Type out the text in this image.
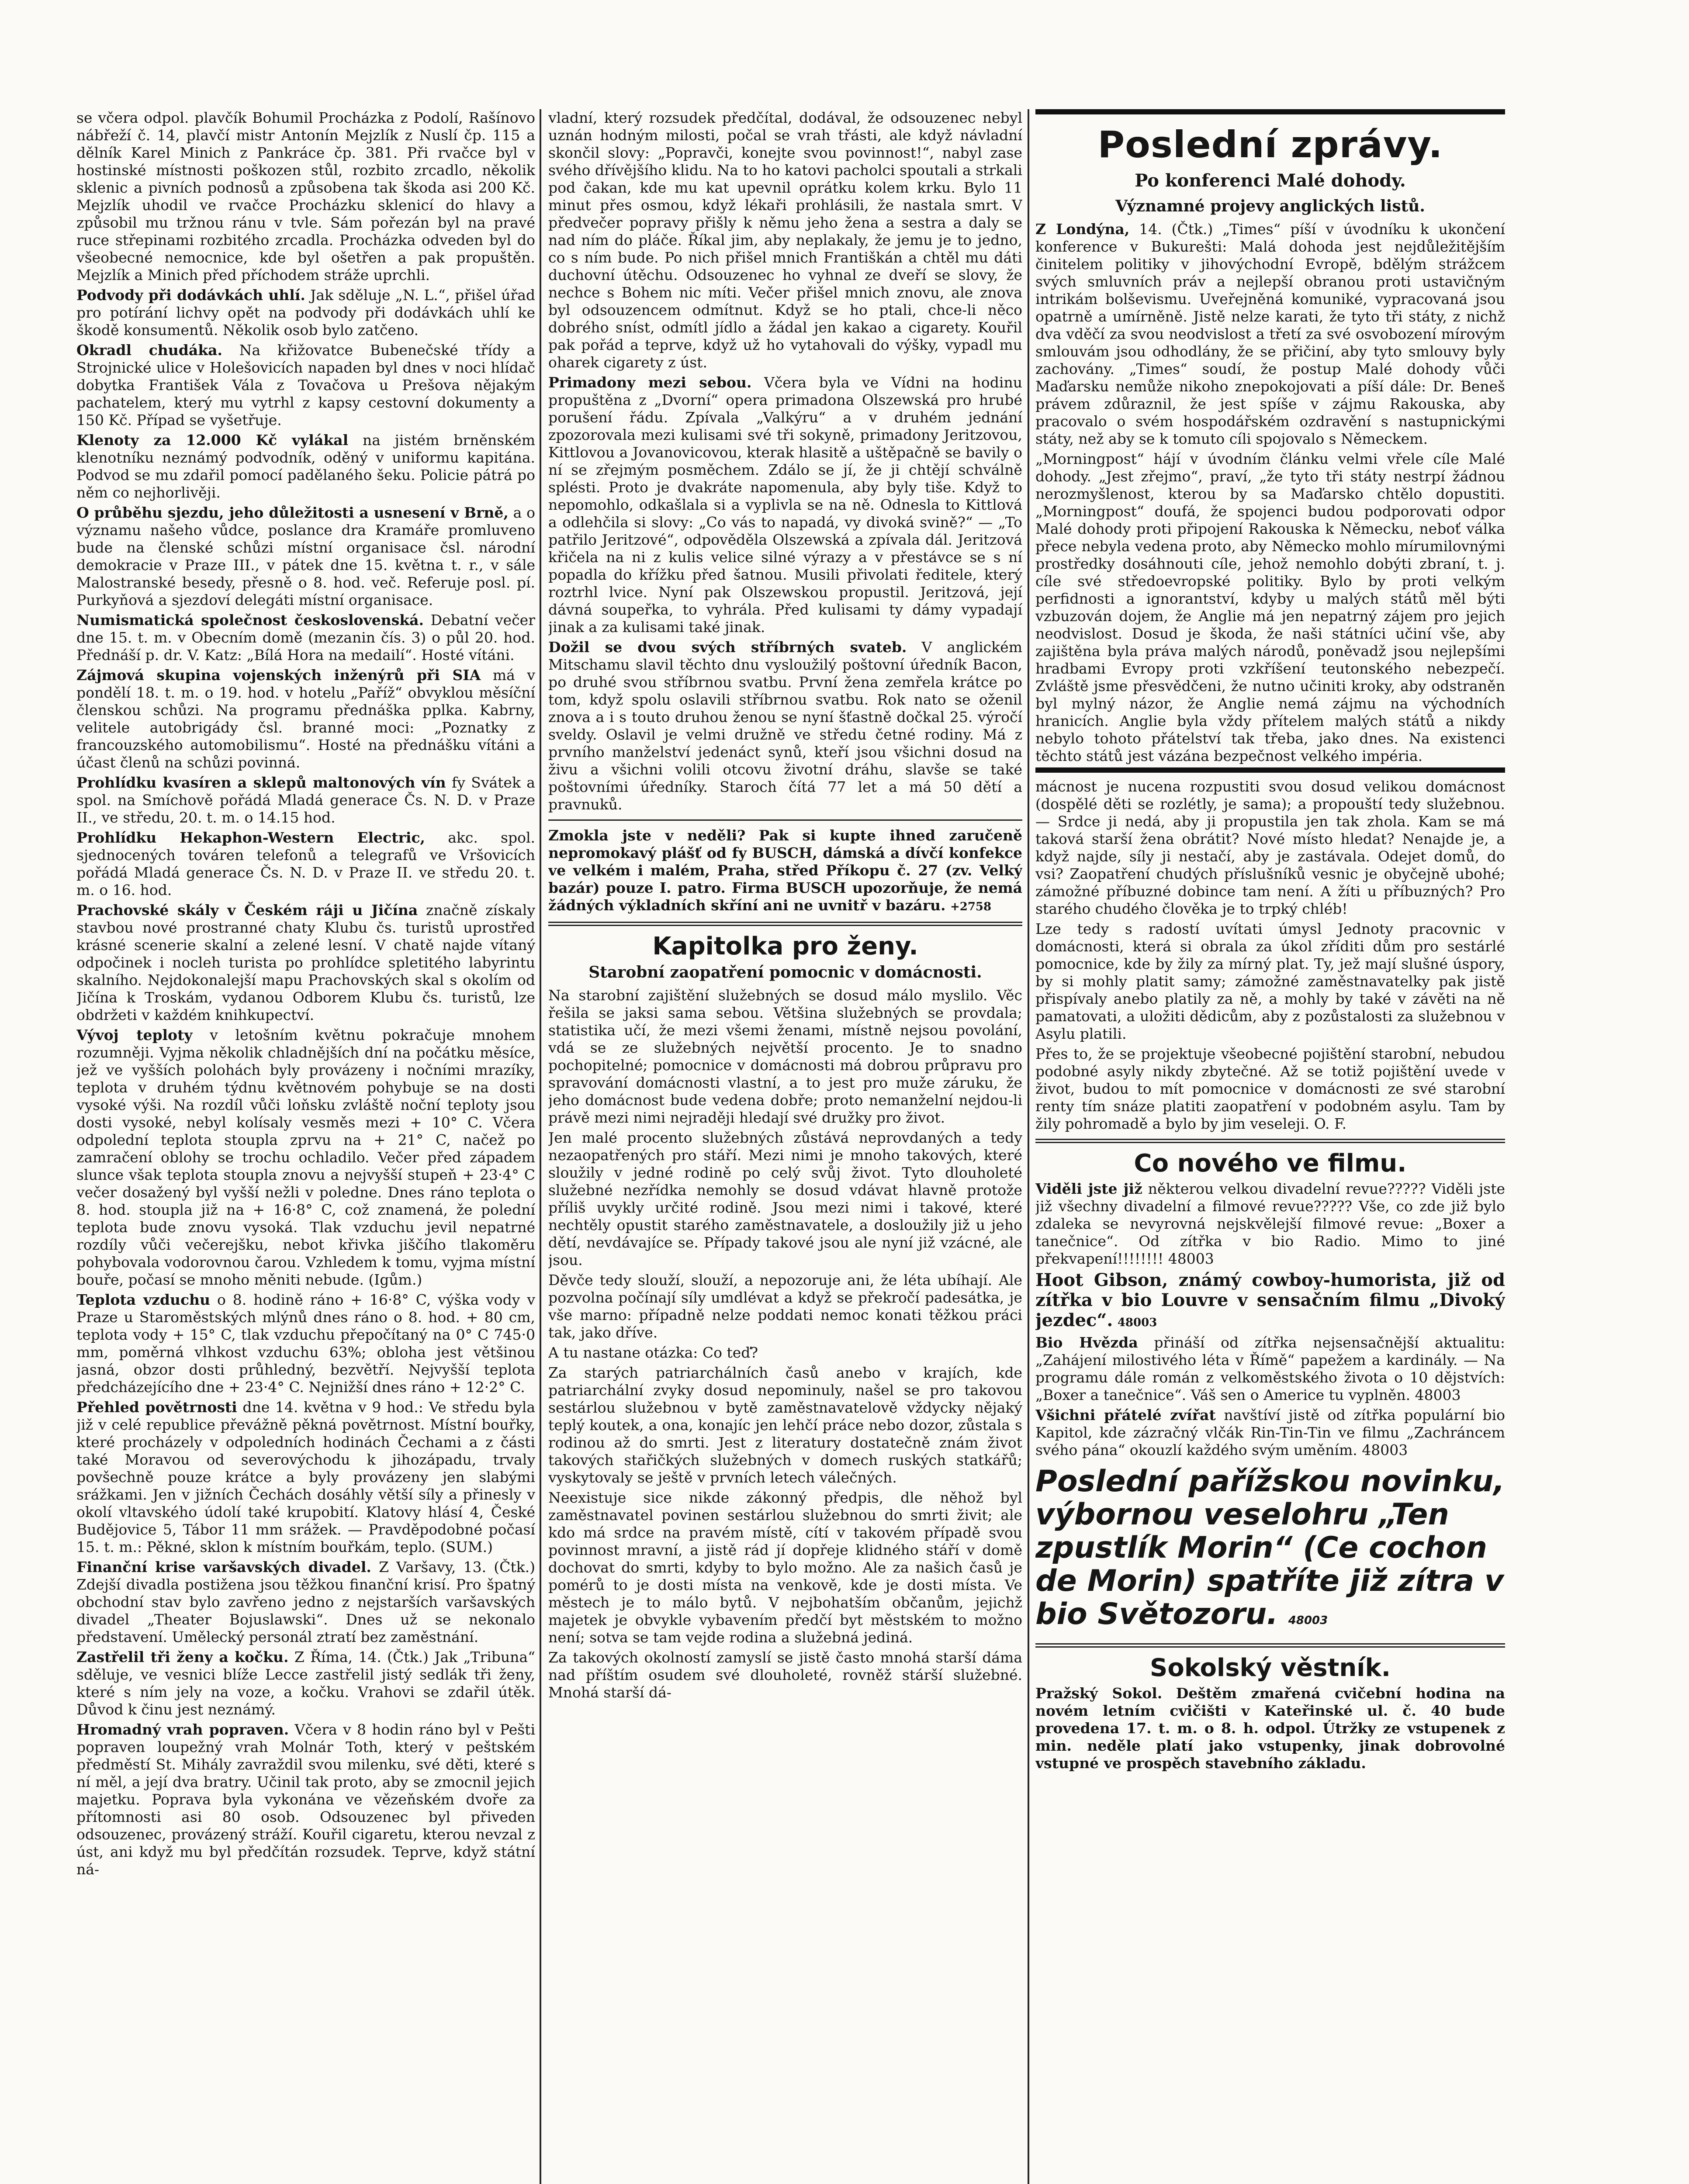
se včera odpol. plavčík Bohumil Procházka z Podolí, Rašínovo nábřeží č. 14, plavčí mistr Antonín Mejzlík z Nuslí čp. 115 a dělník Karel Minich z Pankráce čp. 381. Při rvačce byl v hostinské místnosti poškozen stůl, rozbito zrcadlo, několik sklenic a pivních podnosů a způsobena tak škoda asi 200 Kč. Mejzlík uhodil ve rvačce Procházku sklenicí do hlavy a způsobil mu tržnou ránu v tvle. Sám pořezán byl na pravé ruce střepinami rozbitého zrcadla. Procházka odveden byl do všeobecné nemocnice, kde byl ošetřen a pak propuštěn. Mejzlík a Minich před příchodem stráže uprchli.

Podvody při dodávkách uhlí. Jak sděluje „N. L.“, přišel úřad pro potírání lichvy opět na podvody při dodávkách uhlí ke škodě konsumentů. Několik osob bylo zatčeno.

Okradl chudáka. Na křižovatce Bubenečské třídy a Strojnické ulice v Holešovicích napaden byl dnes v noci hlídač dobytka František Vála z Tovačova u Prešova nějakým pachatelem, který mu vytrhl z kapsy cestovní dokumenty a 150 Kč. Případ se vyšetřuje.

Klenoty za 12.000 Kč vylákal na jistém brněnském klenotníku neznámý podvodník, oděný v uniformu kapitána. Podvod se mu zdařil pomocí padělaného šeku. Policie pátrá po něm co nejhorlivěji.

O průběhu sjezdu, jeho důležitosti a usnesení v Brně, a o významu našeho vůdce, poslance dra Kramáře promluveno bude na členské schůzi místní organisace čsl. národní demokracie v Praze III., v pátek dne 15. května t. r., v sále Malostranské besedy, přesně o 8. hod. več. Referuje posl. pí. Purkyňová a sjezdoví delegáti místní organisace.

Numismatická společnost československá. Debatní večer dne 15. t. m. v Obecním domě (mezanin čís. 3) o půl 20. hod. Přednáší p. dr. V. Katz: „Bílá Hora na medailí“. Hosté vítáni.

Zájmová skupina vojenských inženýrů při SIA má v pondělí 18. t. m. o 19. hod. v hotelu „Paříž“ obvyklou měsíční členskou schůzi. Na programu přednáška pplka. Kabrny, velitele autobrigády čsl. branné moci: „Poznatky z francouzského automobilismu“. Hosté na přednášku vítáni a účast členů na schůzi povinná.

Prohlídku kvasíren a sklepů maltonových vín fy Svátek a spol. na Smíchově pořádá Mladá generace Čs. N. D. v Praze II., ve středu, 20. t. m. o 14.15 hod.

Prohlídku Hekaphon-Western Electric, akc. spol. sjednocených továren telefonů a telegrafů ve Vršovicích pořádá Mladá generace Čs. N. D. v Praze II. ve středu 20. t. m. o 16. hod.

Prachovské skály v Českém ráji u Jičína značně získaly stavbou nové prostranné chaty Klubu čs. turistů uprostřed krásné scenerie skalní a zelené lesní. V chatě najde vítaný odpočinek i nocleh turista po prohlídce spletitého labyrintu skalního. Nejdokonalejší mapu Prachovských skal s okolím od Jičína k Troskám, vydanou Odborem Klubu čs. turistů, lze obdržeti v každém knihkupectví.

Vývoj teploty v letošním květnu pokračuje mnohem rozumněji. Vyjma několik chladnějších dní na počátku měsíce, jež ve vyšších polohách byly provázeny i nočními mrazíky, teplota v druhém týdnu květnovém pohybuje se na dosti vysoké výši. Na rozdíl vůči loňsku zvláště noční teploty jsou dosti vysoké, nebyl kolísaly vesměs mezi + 10° C. Včera odpolední teplota stoupla zprvu na + 21° C, načež po zamračení oblohy se trochu ochladilo. Večer před západem slunce však teplota stoupla znovu a nejvyšší stupeň + 23·4° C večer dosažený byl vyšší nežli v poledne. Dnes ráno teplota o 8. hod. stoupla již na + 16·8° C, což znamená, že polední teplota bude znovu vysoká. Tlak vzduchu jevil nepatrné rozdíly vůči večerejšku, nebot křivka jiščího tlakoměru pohybovala vodorovnou čarou. Vzhledem k tomu, vyjma místní bouře, počasí se mnoho měniti nebude. (Igům.)

Teplota vzduchu o 8. hodině ráno + 16·8° C, výška vody v Praze u Staroměstských mlýnů dnes ráno o 8. hod. + 80 cm, teplota vody + 15° C, tlak vzduchu přepočítaný na 0° C 745·0 mm, poměrná vlhkost vzduchu 63%; obloha jest většinou jasná, obzor dosti průhledný, bezvětří. Nejvyšší teplota předcházejícího dne + 23·4° C. Nejnižší dnes ráno + 12·2° C.

Přehled povětrnosti dne 14. května v 9 hod.: Ve středu byla již v celé republice převážně pěkná povětrnost. Místní bouřky, které procházely v odpoledních hodinách Čechami a z části také Moravou od severovýchodu k jihozápadu, trvaly povšechně pouze krátce a byly provázeny jen slabými srážkami. Jen v jižních Čechách dosáhly větší síly a přinesly v okolí vltavského údolí také krupobití. Klatovy hlásí 4, České Budějovice 5, Tábor 11 mm srážek. — Pravděpodobné počasí 15. t. m.: Pěkné, sklon k místním bouřkám, teplo. (SUM.)

Finanční krise varšavských divadel. Z Varšavy, 13. (Čtk.) Zdejší divadla postižena jsou těžkou finanční krisí. Pro špatný obchodní stav bylo zavřeno jedno z nejstarších varšavských divadel „Theater Bojuslawski“. Dnes už se nekonalo představení. Umělecký personál ztratí bez zaměstnání.

Zastřelil tři ženy a kočku. Z Říma, 14. (Čtk.) Jak „Tribuna“ sděluje, ve vesnici blíže Lecce zastřelil jistý sedlák tři ženy, které s ním jely na voze, a kočku. Vrahovi se zdařil útěk. Důvod k činu jest neznámý.

Hromadný vrah popraven. Včera v 8 hodin ráno byl v Pešti popraven loupežný vrah Molnár Toth, který v peštském předměstí St. Mihály zavraždil svou milenku, své děti, které s ní měl, a její dva bratry. Učinil tak proto, aby se zmocnil jejich majetku. Poprava byla vykonána ve vězeňském dvoře za přítomnosti asi 80 osob. Odsouzenec byl přiveden odsouzenec, provázený stráží. Kouřil cigaretu, kterou nevzal z úst, ani když mu byl předčítán rozsudek. Teprve, když státní ná-

vladní, který rozsudek předčítal, dodával, že odsouzenec nebyl uznán hodným milosti, počal se vrah třásti, ale když návladní skončil slovy: „Popravči, konejte svou povinnost!“, nabyl zase svého dřívějšího klidu. Na to ho katovi pacholci spoutali a strkali pod čakan, kde mu kat upevnil oprátku kolem krku. Bylo 11 minut přes osmou, když lékaři prohlásili, že nastala smrt. V předvečer popravy přišly k němu jeho žena a sestra a daly se nad ním do pláče. Říkal jim, aby neplakaly, že jemu je to jedno, co s ním bude. Po nich přišel mnich Františkán a chtěl mu dáti duchovní útěchu. Odsouzenec ho vyhnal ze dveří se slovy, že nechce s Bohem nic míti. Večer přišel mnich znovu, ale znova byl odsouzencem odmítnut. Když se ho ptali, chce-li něco dobrého sníst, odmítl jídlo a žádal jen kakao a cigarety. Kouřil pak pořád a teprve, když už ho vytahovali do výšky, vypadl mu oharek cigarety z úst.

Primadony mezi sebou. Včera byla ve Vídni na hodinu propuštěna z „Dvorní“ opera primadona Olszewská pro hrubé porušení řádu. Zpívala „Valkýru“ a v druhém jednání zpozorovala mezi kulisami své tři sokyně, primadony Jeritzovou, Kittlovou a Jovanovicovou, kterak hlasitě a uštěpačně se bavily o ní se zřejmým posměchem. Zdálo se jí, že ji chtějí schválně splésti. Proto je dvakráte napomenula, aby byly tiše. Když to nepomohlo, odkašlala si a vyplivla se na ně. Odnesla to Kittlová a odlehčila si slovy: „Co vás to napadá, vy divoká svině?“ — „To patřilo Jeritzové“, odpověděla Olszewská a zpívala dál. Jeritzová křičela na ni z kulis velice silné výrazy a v přestávce se s ní popadla do křížku před šatnou. Musili přivolati ředitele, který roztrhl lvice. Nyní pak Olszewskou propustil. Jeritzová, její dávná soupeřka, to vyhrála. Před kulisami ty dámy vypadají jinak a za kulisami také jinak.

Dožil se dvou svých stříbrných svateb. V anglickém Mitschamu slavil těchto dnu vysloužilý poštovní úředník Bacon, po druhé svou stříbrnou svatbu. První žena zemřela krátce po tom, když spolu oslavili stříbrnou svatbu. Rok nato se oženil znova a i s touto druhou ženou se nyní šťastně dočkal 25. výročí sveldy. Oslavil je velmi družně ve středu četné rodiny. Má z prvního manželství jedenáct synů, kteří jsou všichni dosud na živu a všichni volili otcovu životní dráhu, slavše se také poštovními úředníky. Staroch čítá 77 let a má 50 dětí a pravnuků.

Zmokla jste v neděli? Pak si kupte ihned zaručeně nepromokavý plášť od fy BUSCH, dámská a dívčí konfekce ve velkém i malém, Praha, střed Příkopu č. 27 (zv. Velký bazár) pouze I. patro. Firma BUSCH upozorňuje, že nemá žádných výkladních skříní ani ne uvnitř v bazáru. +2758

Kapitolka pro ženy.
Starobní zaopatření pomocnic v domácnosti.

Na starobní zajištění služebných se dosud málo myslilo. Věc řešila se jaksi sama sebou. Většina služebných se provdala; statistika učí, že mezi všemi ženami, místně nejsou povolání, vdá se ze služebných největší procento. Je to snadno pochopitelné; pomocnice v domácnosti má dobrou průpravu pro spravování domácnosti vlastní, a to jest pro muže záruku, že jeho domácnost bude vedena dobře; proto nemanželní nejdou-li právě mezi nimi nejraději hledají své družky pro život.

Jen malé procento služebných zůstává neprovdaných a tedy nezaopatřených pro stáří. Mezi nimi je mnoho takových, které sloužily v jedné rodině po celý svůj život. Tyto dlouholeté služebné nezřídka nemohly se dosud vdávat hlavně protože příliš uvykly určité rodině. Jsou mezi nimi i takové, které nechtěly opustit starého zaměstnavatele, a dosloužily již u jeho dětí, nevdávajíce se. Případy takové jsou ale nyní již vzácné, ale jsou.

Děvče tedy slouží, slouží, a nepozoruje ani, že léta ubíhají. Ale pozvolna počínají síly umdlévat a když se překročí padesátka, je vše marno: případně nelze poddati nemoc konati těžkou práci tak, jako dříve.

A tu nastane otázka: Co teď?

Za starých patriarchálních časů anebo v krajích, kde patriarchální zvyky dosud nepominuly, našel se pro takovou sestárlou služebnou v bytě zaměstnavatelově vždycky nějaký teplý koutek, a ona, konajíc jen lehčí práce nebo dozor, zůstala s rodinou až do smrti. Jest z literatury dostatečně znám život takových stařičkých služebných v domech ruských statkářů; vyskytovaly se ještě v prvních letech válečných.

Neexistuje sice nikde zákonný předpis, dle něhož byl zaměstnavatel povinen sestárlou služebnou do smrti živit; ale kdo má srdce na pravém místě, cítí v takovém případě svou povinnost mravní, a jistě rád jí dopřeje klidného stáří v domě dochovat do smrti, kdyby to bylo možno. Ale za našich časů je pomérů to je dosti místa na venkově, kde je dosti místa. Ve městech je to málo bytů. V nejbohatším občanům, jejichž majetek je obvykle vybavením předčí byt městském to možno není; sotva se tam vejde rodina a služebná jediná.

Za takových okolností zamyslí se jistě často mnohá starší dáma nad příštím osudem své dlouholeté, rovněž stárší služebné. Mnohá starší dá-

Poslední zprávy.
Po konferenci Malé dohody.
Významné projevy anglických listů.

Z Londýna, 14. (Čtk.) „Times“ píší v úvodníku k ukončení konference v Bukurešti: Malá dohoda jest nejdůležitějším činitelem politiky v jihovýchodní Evropě, bdělým strážcem svých smluvních práv a nejlepší obranou proti ustavičným intrikám bolševismu. Uveřejněná komuniké, vypracovaná jsou opatrně a umírněně. Jistě nelze karati, že tyto tři státy, z nichž dva vděčí za svou neodvislost a třetí za své osvobození mírovým smlouvám jsou odhodlány, že se přičiní, aby tyto smlouvy byly zachovány. „Times“ soudí, že postup Malé dohody vůči Maďarsku nemůže nikoho znepokojovati a píší dále: Dr. Beneš právem zdůraznil, že jest spíše v zájmu Rakouska, aby pracovalo o svém hospodářském ozdravění s nastupnickými státy, než aby se k tomuto cíli spojovalo s Německem.

„Morningpost“ hájí v úvodním článku velmi vřele cíle Malé dohody. „Jest zřejmo“, praví, „že tyto tři státy nestrpí žádnou nerozmyšlenost, kterou by sa Maďarsko chtělo dopustiti. „Morningpost“ doufá, že spojenci budou podporovati odpor Malé dohody proti připojení Rakouska k Německu, neboť válka přece nebyla vedena proto, aby Německo mohlo mírumilovnými prostředky dosáhnouti cíle, jehož nemohlo dobýti zbraní, t. j. cíle své středoevropské politiky. Bylo by proti velkým perfidnosti a ignorantství, kdyby u malých států měl býti vzbuzován dojem, že Anglie má jen nepatrný zájem pro jejich neodvislost. Dosud je škoda, že naši státníci učiní vše, aby zajištěna byla práva malých národů, poněvadž jsou nejlepšími hradbami Evropy proti vzkříšení teutonského nebezpečí. Zvláště jsme přesvědčeni, že nutno učiniti kroky, aby odstraněn byl mylný názor, že Anglie nemá zájmu na východních hranicích. Anglie byla vždy přítelem malých států a nikdy nebylo tohoto přátelství tak třeba, jako dnes. Na existenci těchto států jest vázána bezpečnost velkého impéria.

mácnost je nucena rozpustiti svou dosud velikou domácnost (dospělé děti se rozlétly, je sama); a propouští tedy služebnou. — Srdce ji nedá, aby ji propustila jen tak zhola. Kam se má taková starší žena obrátit? Nové místo hledat? Nenajde je, a když najde, síly ji nestačí, aby je zastávala. Odejet domů, do vsi? Zaopatření chudých příslušníků vesnic je obyčejně ubohé; zámožné příbuzné dobince tam není. A žíti u příbuzných? Pro starého chudého člověka je to trpký chléb!

Lze tedy s radostí uvítati úmysl Jednoty pracovnic v domácnosti, která si obrala za úkol zříditi dům pro sestárlé pomocnice, kde by žily za mírný plat. Ty, jež mají slušné úspory, by si mohly platit samy; zámožné zaměstnavatelky pak jistě přispívaly anebo platily za ně, a mohly by také v závěti na ně pamatovati, a uložiti dědicům, aby z pozůstalosti za služebnou v Asylu platili.

Přes to, že se projektuje všeobecné pojištění starobní, nebudou podobné asyly nikdy zbytečné. Až se totiž pojištění uvede v život, budou to mít pomocnice v domácnosti ze své starobní renty tím snáze platiti zaopatření v podobném asylu. Tam by žily pohromadě a bylo by jim veseleji. O. F.

Co nového ve filmu.

Viděli jste již některou velkou divadelní revue????? Viděli jste již všechny divadelní a filmové revue????? Vše, co zde již bylo zdaleka se nevyrovná nejskvělejší filmové revue: „Boxer a tanečnice“. Od zítřka v bio Radio. Mimo to jiné překvapení!!!!!!!! 48003

Hoot Gibson, známý cowboy-humorista, již od zítřka v bio Louvre v sensačním filmu „Divoký jezdec“. 48003

Bio Hvězda přináší od zítřka nejsensačnější aktualitu: „Zahájení milostivého léta v Římě“ papežem a kardinály. — Na programu dále román z velkoměstského života o 10 dějstvích: „Boxer a tanečnice“. Váš sen o Americe tu vyplněn. 48003

Všichni přátelé zvířat navštíví jistě od zítřka populární bio Kapitol, kde zázračný vlčák Rin-Tin-Tin ve filmu „Zachráncem svého pána“ okouzlí každého svým uměním. 48003

Poslední pařížskou novinku, výbornou veselohru „Ten zpustlík Morin“ (Ce cochon de Morin) spatříte již zítra v bio Světozoru. 48003
Sokolský věstník.

Pražský Sokol. Deštěm zmařená cvičební hodina na novém letním cvičišti v Kateřinské ul. č. 40 bude provedena 17. t. m. o 8. h. odpol. Útržky ze vstupenek z min. neděle platí jako vstupenky, jinak dobrovolné vstupné ve prospěch stavebního základu.
